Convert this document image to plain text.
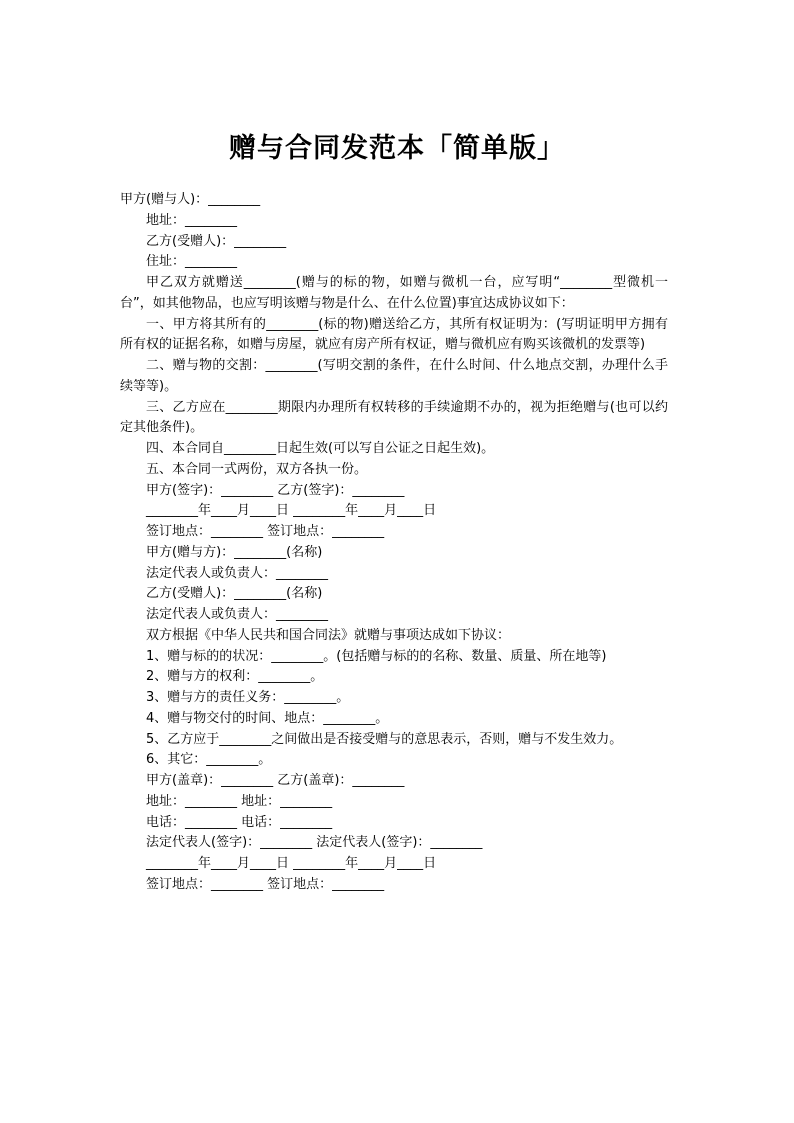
赠与合同发范本「简单版」
甲方(赠与人)：________
地址：________
乙方(受赠人)：________
住址：________
甲乙双方就赠送________(赠与的标的物，如赠与微机一台，应写明“________型微机一台”，如其他物品，也应写明该赠与物是什么、在什么位置)事宜达成协议如下：
一、甲方将其所有的________(标的物)赠送给乙方，其所有权证明为：(写明证明甲方拥有所有权的证据名称，如赠与房屋，就应有房产所有权证，赠与微机应有购买该微机的发票等)
二、赠与物的交割：________(写明交割的条件，在什么时间、什么地点交割，办理什么手续等等)。
三、乙方应在________期限内办理所有权转移的手续逾期不办的，视为拒绝赠与(也可以约定其他条件)。
四、本合同自________日起生效(可以写自公证之日起生效)。
五、本合同一式两份，双方各执一份。
甲方(签字)：________ 乙方(签字)：________
________年____月____日 ________年____月____日
签订地点：________ 签订地点：________
甲方(赠与方)：________(名称)
法定代表人或负责人：________
乙方(受赠人)：________(名称)
法定代表人或负责人：________
双方根据《中华人民共和国合同法》就赠与事项达成如下协议：
1、赠与标的的状况：________。(包括赠与标的的名称、数量、质量、所在地等)
2、赠与方的权利：________。
3、赠与方的责任义务：________。
4、赠与物交付的时间、地点：________。
5、乙方应于________之间做出是否接受赠与的意思表示，否则，赠与不发生效力。
6、其它：________。
甲方(盖章)：________ 乙方(盖章)：________
地址：________ 地址：________
电话：________ 电话：________
法定代表人(签字)：________ 法定代表人(签字)：________
________年____月____日 ________年____月____日
签订地点：________ 签订地点：________
